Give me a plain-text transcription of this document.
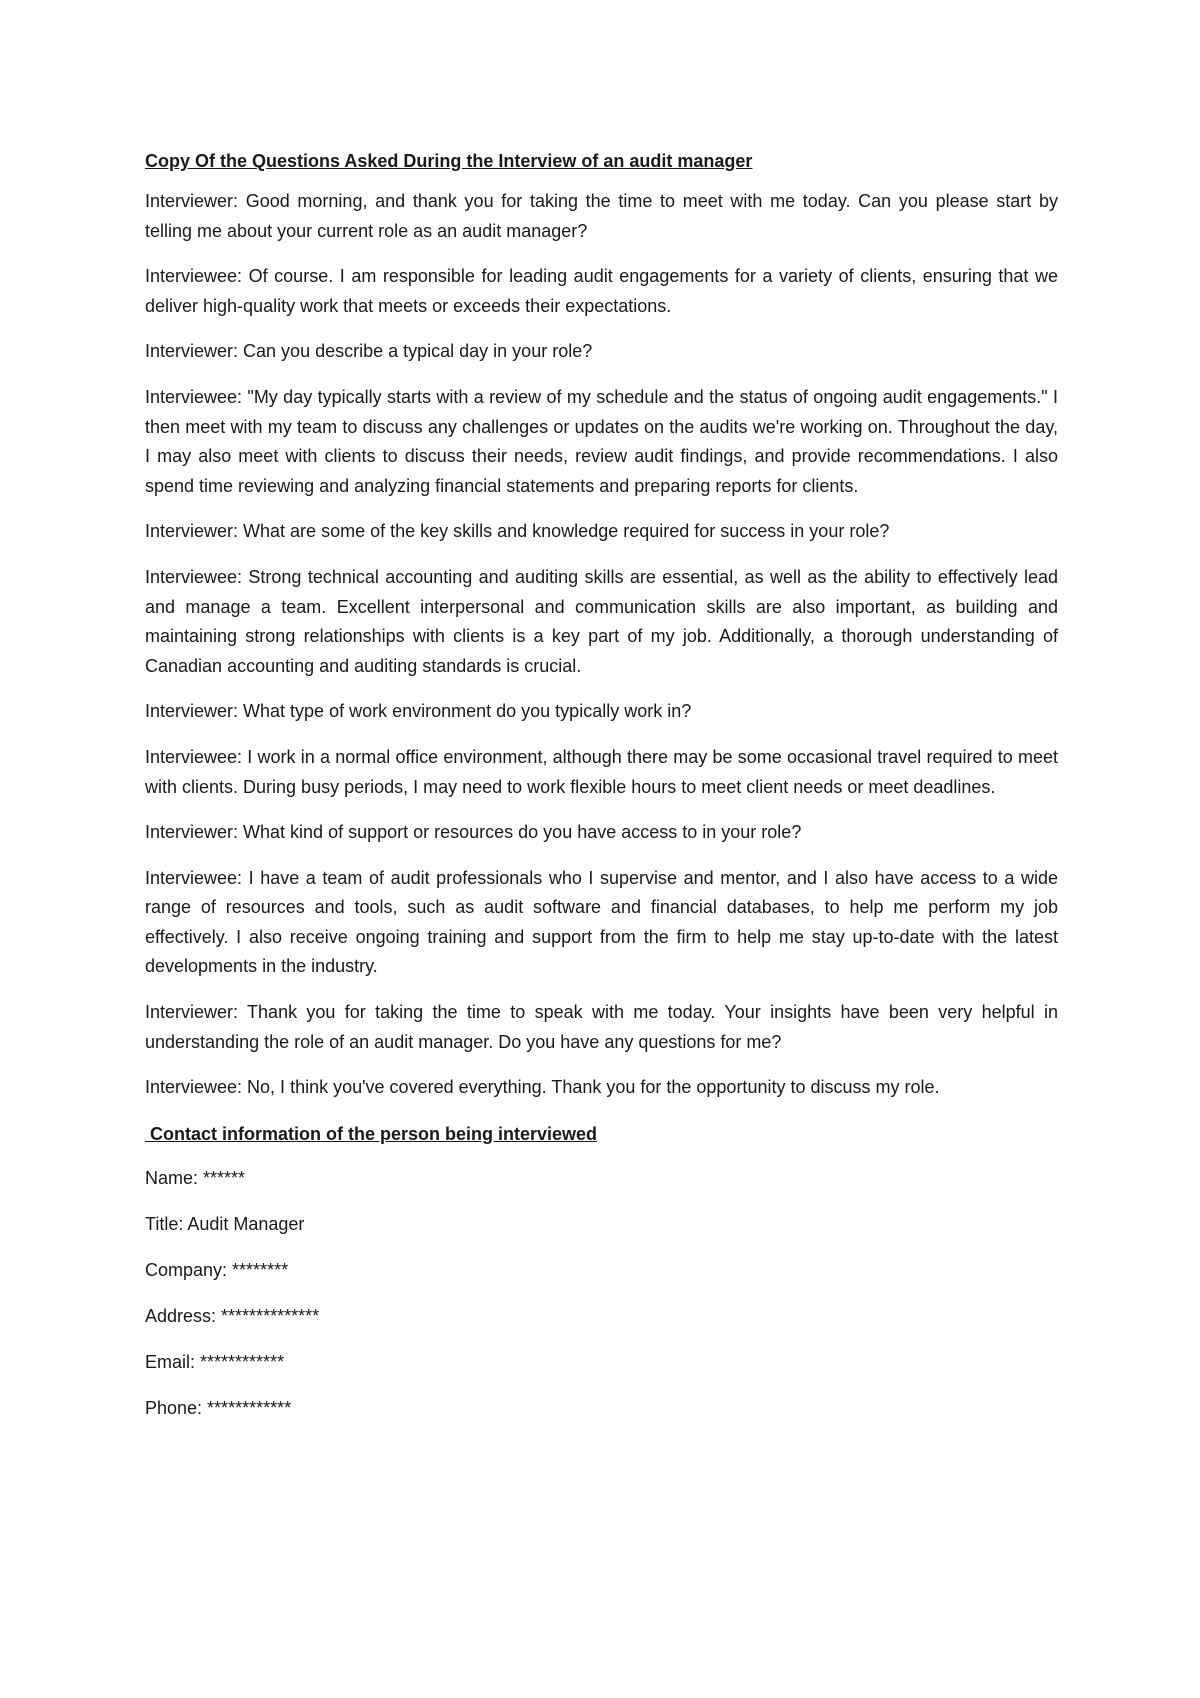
Copy Of the Questions Asked During the Interview of an audit manager

Interviewer: Good morning, and thank you for taking the time to meet with me today. Can you please start by telling me about your current role as an audit manager?

Interviewee: Of course. I am responsible for leading audit engagements for a variety of clients, ensuring that we deliver high-quality work that meets or exceeds their expectations.

Interviewer: Can you describe a typical day in your role?

Interviewee: "My day typically starts with a review of my schedule and the status of ongoing audit engagements." I then meet with my team to discuss any challenges or updates on the audits we're working on. Throughout the day, I may also meet with clients to discuss their needs, review audit findings, and provide recommendations. I also spend time reviewing and analyzing financial statements and preparing reports for clients.

Interviewer: What are some of the key skills and knowledge required for success in your role?

Interviewee: Strong technical accounting and auditing skills are essential, as well as the ability to effectively lead and manage a team. Excellent interpersonal and communication skills are also important, as building and maintaining strong relationships with clients is a key part of my job. Additionally, a thorough understanding of Canadian accounting and auditing standards is crucial.

Interviewer: What type of work environment do you typically work in?

Interviewee: I work in a normal office environment, although there may be some occasional travel required to meet with clients. During busy periods, I may need to work flexible hours to meet client needs or meet deadlines.

Interviewer: What kind of support or resources do you have access to in your role?

Interviewee: I have a team of audit professionals who I supervise and mentor, and I also have access to a wide range of resources and tools, such as audit software and financial databases, to help me perform my job effectively. I also receive ongoing training and support from the firm to help me stay up-to-date with the latest developments in the industry.

Interviewer: Thank you for taking the time to speak with me today. Your insights have been very helpful in understanding the role of an audit manager. Do you have any questions for me?

Interviewee: No, I think you've covered everything. Thank you for the opportunity to discuss my role.

Contact information of the person being interviewed
Name: ******
Title: Audit Manager
Company: ********
Address: **************
Email: ************
Phone: ************
